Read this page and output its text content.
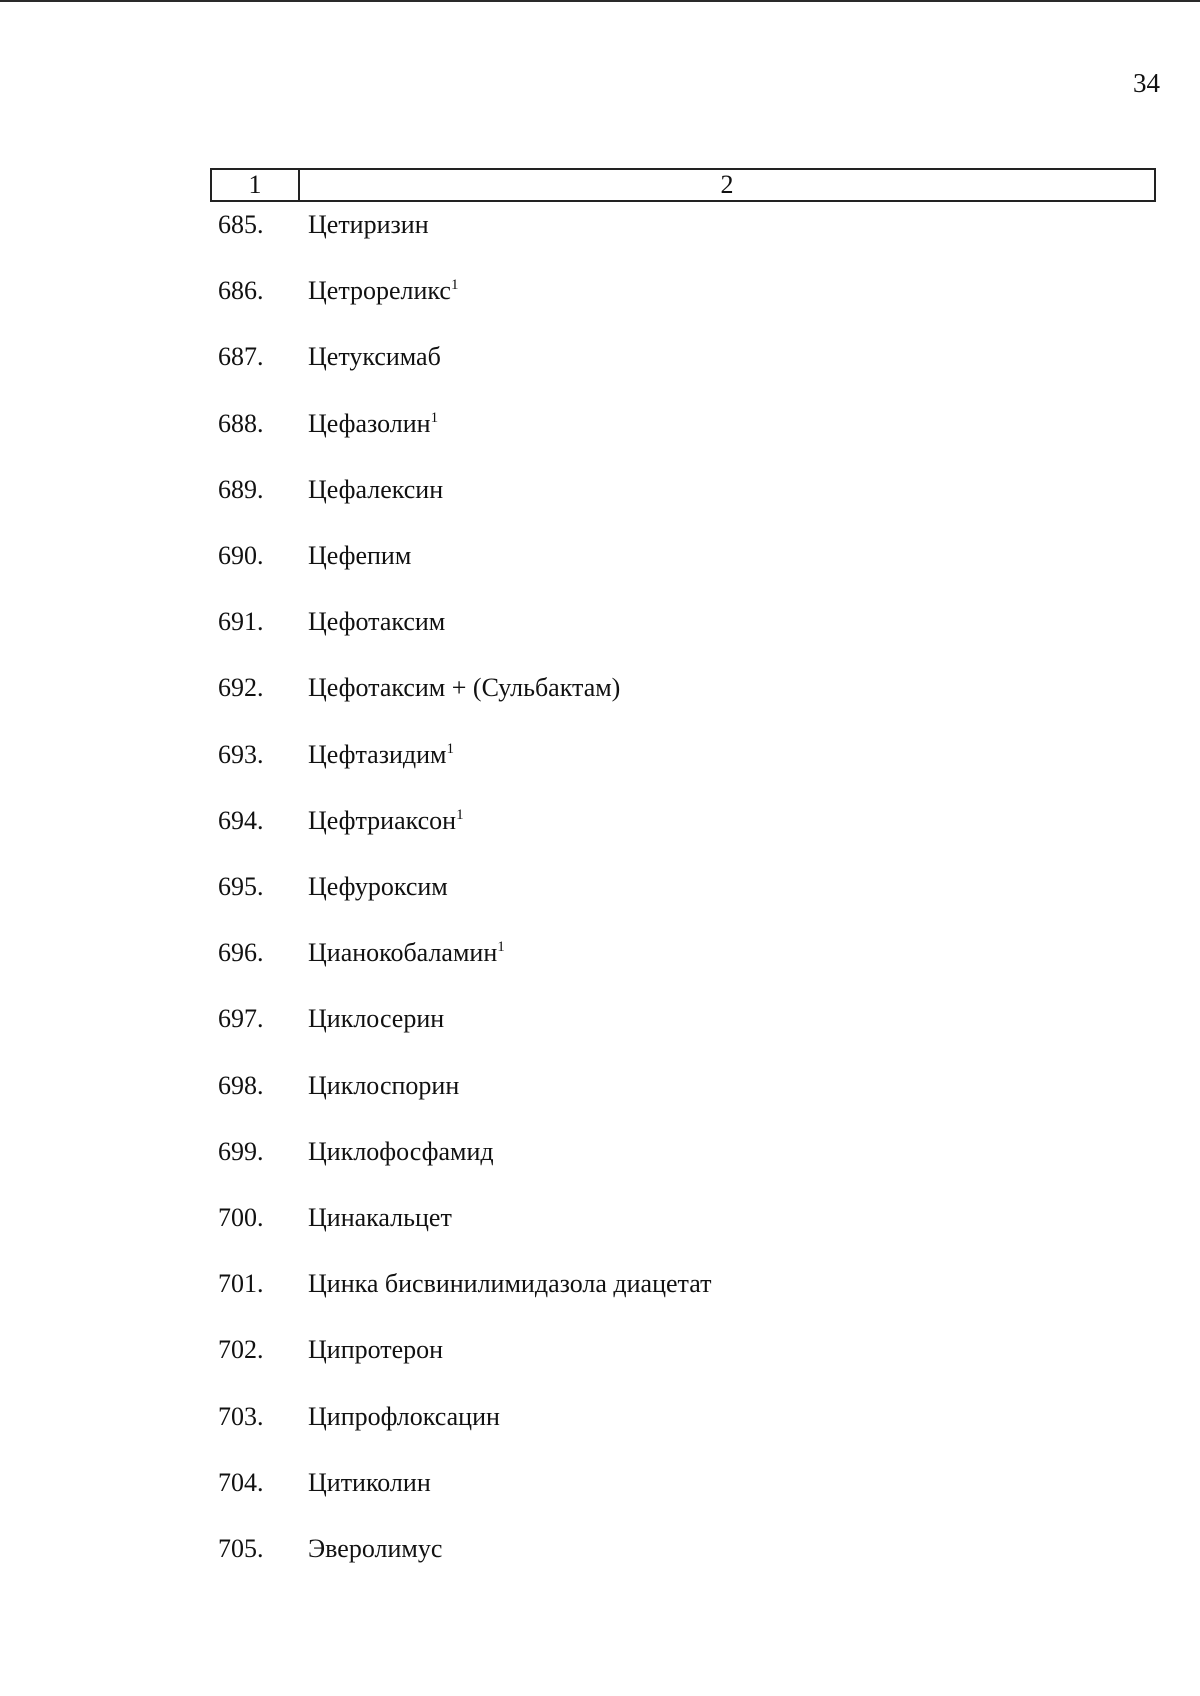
34
1	2
685.	Цетиризин
686.	Цетрореликс$^1$
687.	Цетуксимаб
688.	Цефазолин$^1$
689.	Цефалексин
690.	Цефепим
691.	Цефотаксим
692.	Цефотаксим + (Сульбактам)
693.	Цефтазидим$^1$
694.	Цефтриаксон$^1$
695.	Цефуроксим
696.	Цианокобаламин$^1$
697.	Циклосерин
698.	Циклоспорин
699.	Циклофосфамид
700.	Цинакальцет
701.	Цинка бисвинилимидазола диацетат
702.	Ципротерон
703.	Ципрофлоксацин
704.	Цитиколин
705.	Эверолимус
